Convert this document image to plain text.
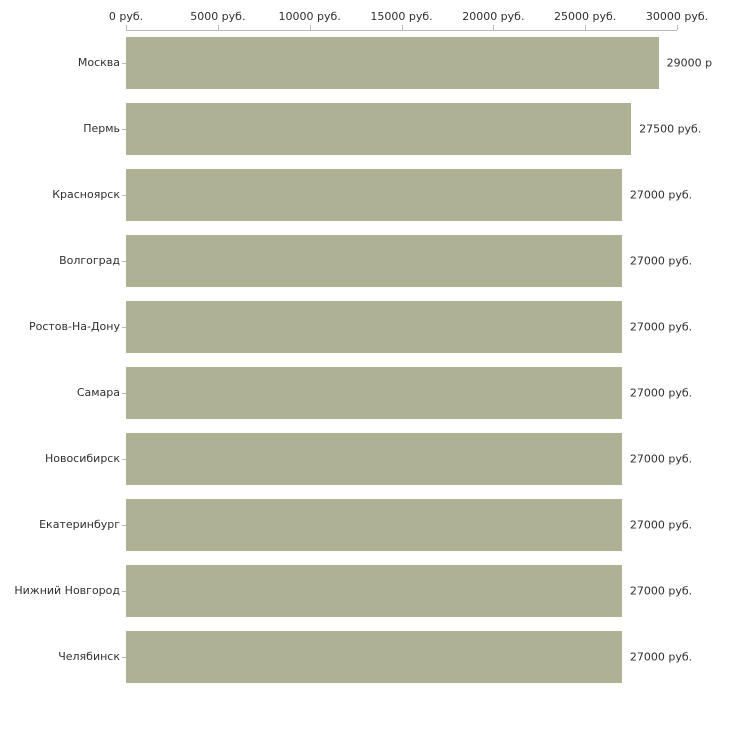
0 руб.	5000 руб.	10000 руб.	15000 руб.	20000 руб.	25000 руб.	30000 руб.
29000 р
27500 руб.
27000 руб.
27000 руб.
27000 руб.
27000 руб.
27000 руб.
27000 руб.
27000 руб.
27000 руб.
Москва
Пермь
Красноярск
Волгоград
Ростов-На-Дону
Самара
Новосибирск
Екатеринбург
Нижний Новгород
Челябинск
